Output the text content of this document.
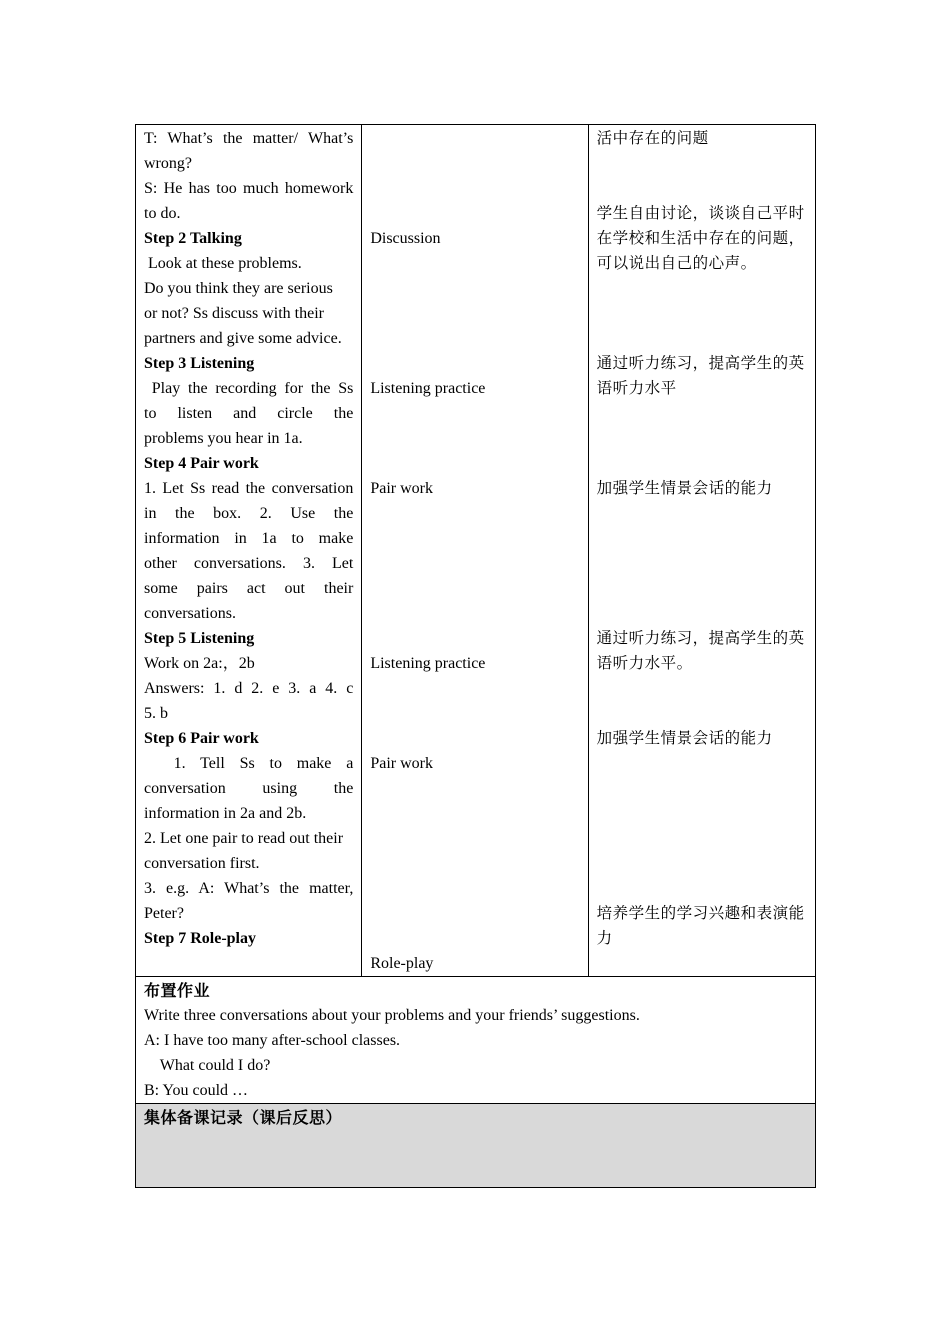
T: What’s the matter/ What’s
wrong?
S: He has too much homework
to do.
Step 2 Talking
Look at these problems.
Do you think they are serious
or not? Ss discuss with their
partners and give some advice.
Step 3 Listening
Play the recording for the Ss
to listen and circle the
problems you hear in 1a.
Step 4 Pair work
1. Let Ss read the conversation
in the box. 2. Use the
information in 1a to make
other conversations. 3. Let
some pairs act out their
conversations.
Step 5 Listening
Work on 2a:，2b
Answers: 1. d 2. e 3. a 4. c
5. b
Step 6 Pair work
1. Tell Ss to make a
conversation using the
information in 2a and 2b.
2. Let one pair to read out their
conversation first.
3. e.g. A: What’s the matter,
Peter?
Step 7 Role-play
Discussion
Listening practice
Pair work
Listening practice
Pair work
Role-play
活中存在的问题
学生自由讨论，谈谈自己平时在学校和生活中存在的问题，可以说出自己的心声。
通过听力练习，提高学生的英语听力水平
加强学生情景会话的能力
通过听力练习，提高学生的英语听力水平。
加强学生情景会话的能力
培养学生的学习兴趣和表演能力
布置作业
Write three conversations about your problems and your friends’ suggestions.
A: I have too many after-school classes.
What could I do?
B: You could …
集体备课记录（课后反思）
